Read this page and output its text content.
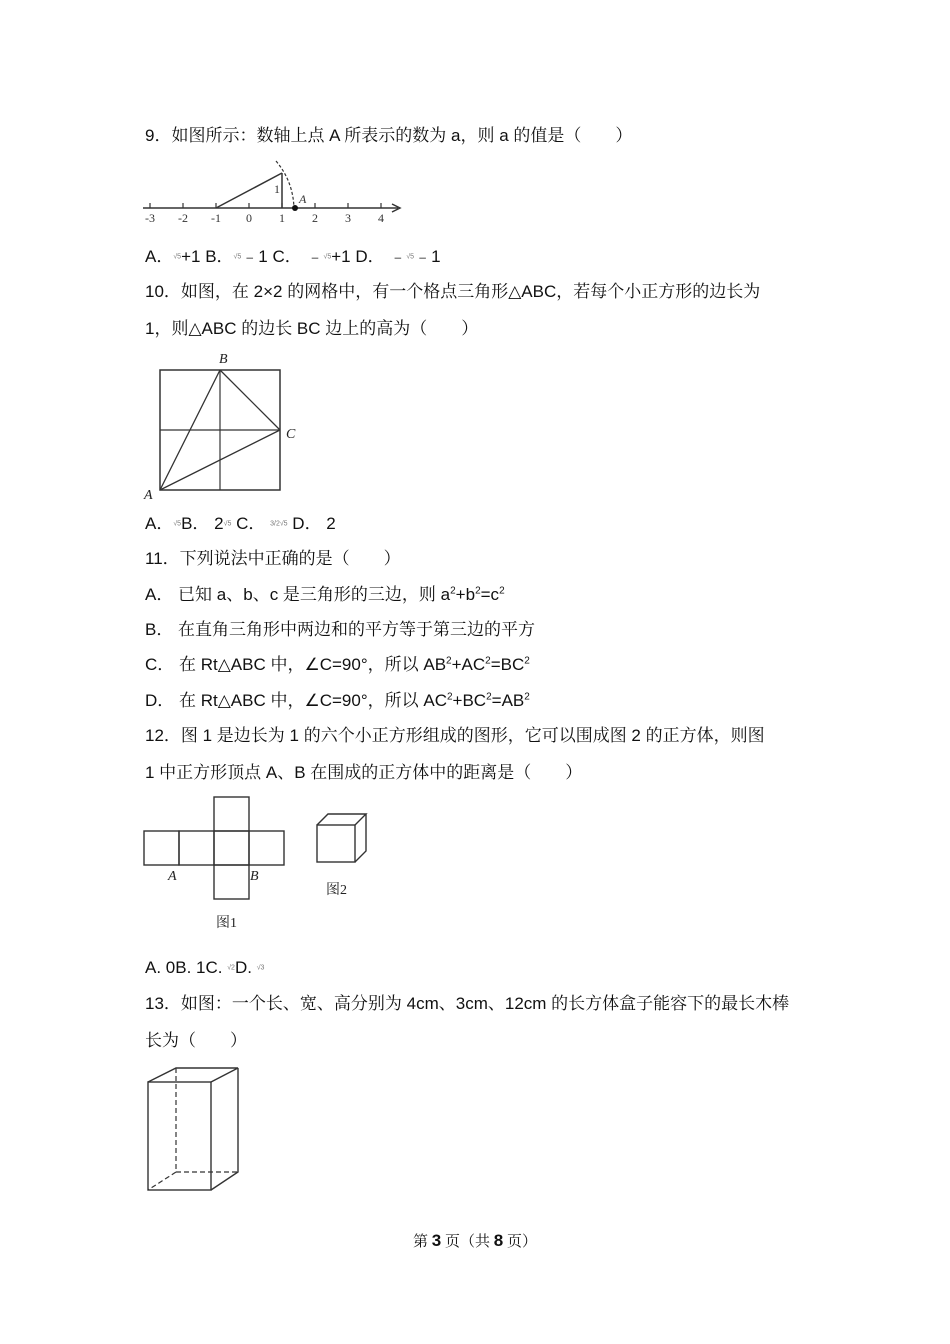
9．如图所示：数轴上点 A 所表示的数为 a，则 a 的值是（　　）
-3 -2 -1 0 1 2 3 4
1
A
A．√5+1 B．√5﹣1 C． ﹣√5+1 D． ﹣√5﹣1
10．如图，在 2×2 的网格中，有一个格点三角形△ABC，若每个小正方形的边长为
1，则△ABC 的边长 BC 边上的高为（　　）
B
C
A
A．√5B． 2√5 C． 3/2√5 D． 2
11．下列说法中正确的是（　　）
A． 已知 a、b、c 是三角形的三边，则 $a^2+b^2=c^2$
B． 在直角三角形中两边和的平方等于第三边的平方
C． 在 Rt△ABC 中，∠C=90°，所以 $AB^2+AC^2=BC^2$
D． 在 Rt△ABC 中，∠C=90°，所以 $AC^2+BC^2=AB^2$
12．图 1 是边长为 1 的六个小正方形组成的图形，它可以围成图 2 的正方体，则图
1 中正方形顶点 A、B 在围成的正方体中的距离是（　　）
A	B
图1
图2
A. 0B. 1C. √2D. √3
13．如图：一个长、宽、高分别为 4cm、3cm、12cm 的长方体盒子能容下的最长木棒
长为（　　）
第 3 页（共 8 页）
